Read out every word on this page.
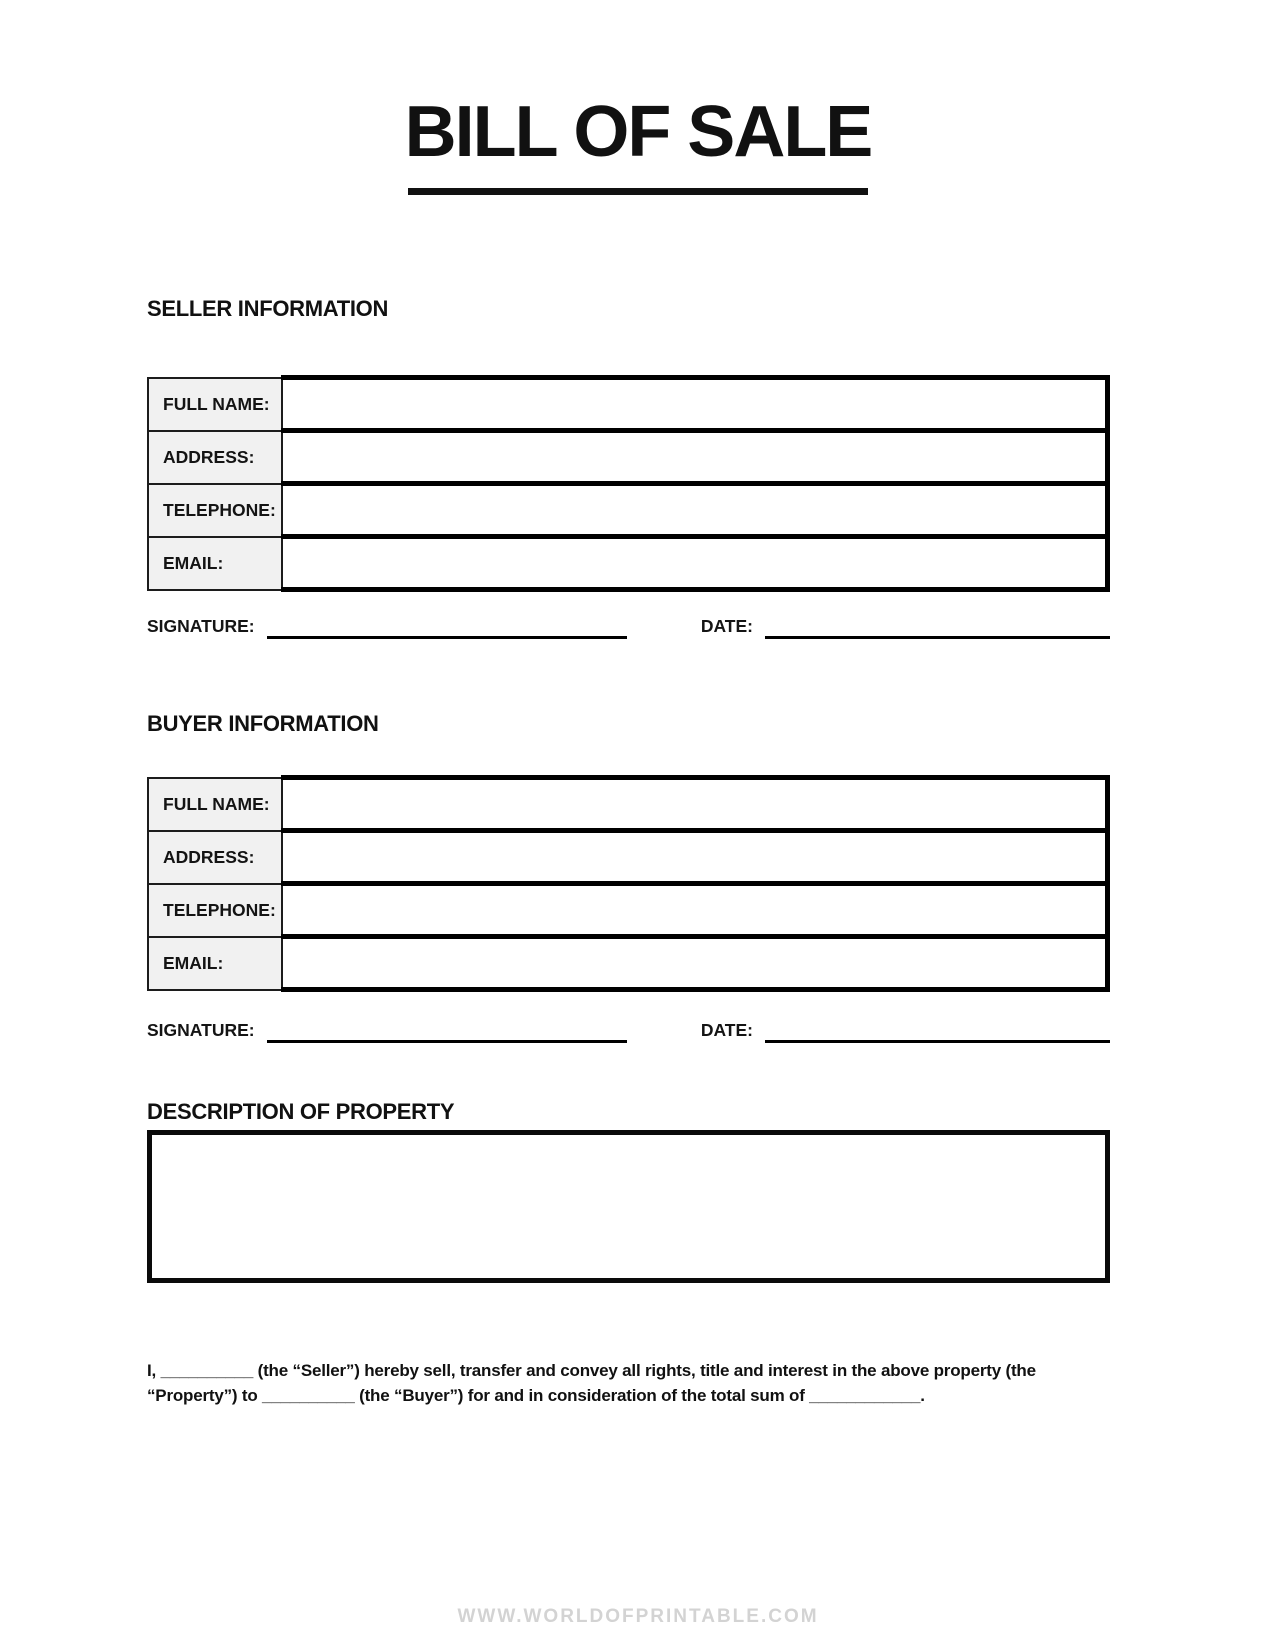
BILL OF SALE
SELLER INFORMATION
FULL NAME:	
ADDRESS:	
TELEPHONE:	
EMAIL:	
SIGNATURE:	DATE:
BUYER INFORMATION
FULL NAME:	
ADDRESS:	
TELEPHONE:	
EMAIL:	
SIGNATURE:	DATE:
DESCRIPTION OF PROPERTY

I, __________ (the “Seller”) hereby sell, transfer and convey all rights, title and interest in the above property (the “Property”) to __________ (the “Buyer”) for and in consideration of the total sum of ____________.

WWW.WORLDOFPRINTABLE.COM
